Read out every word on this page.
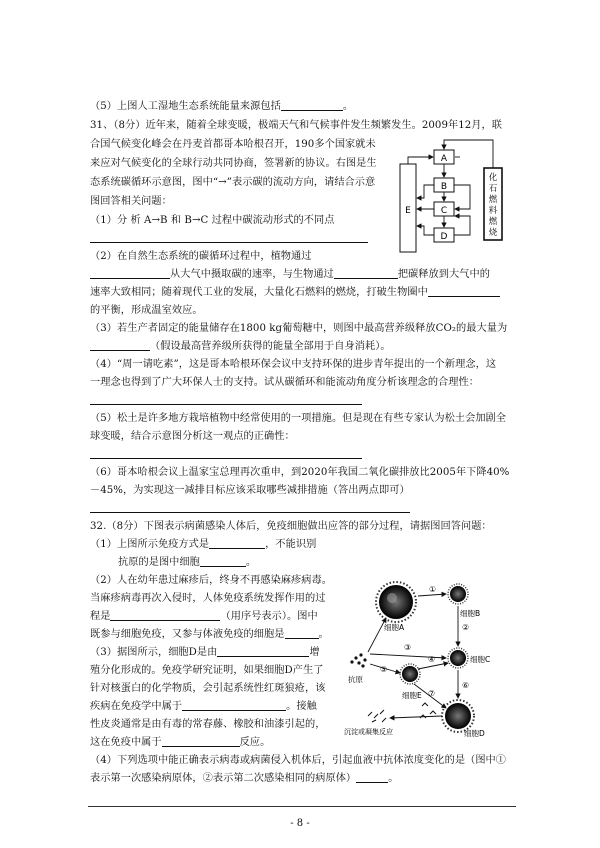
（5）上图人工湿地生态系统能量来源包括	。
31、（8分）近年来，随着全球变暖，极端天气和气候事件发生频繁发生。2009年12月，联
合国气候变化峰会在丹麦首都哥本哈根召开，190多个国家就未
来应对气候变化的全球行动共同协商，签署新的协议。右图是生
态系统碳循环示意图，图中“→”表示碳的流动方向，请结合示意
图回答相关问题：
（1）分 析 A→B 和 B→C 过程中碳流动形式的不同点
（2）在自然生态系统的碳循环过程中，植物通过
从大气中摄取碳的速率，与生物通过	把碳释放到大气中的
速率大致相同；随着现代工业的发展，大量化石燃料的燃烧，打破生物圈中
的平衡，形成温室效应。
（3）若生产者固定的能量储存在1800 kg葡萄糖中，则图中最高营养级释放CO₂的最大量为
（假设最高营养级所获得的能量全部用于自身消耗）。
（4）“周一请吃素”，这是哥本哈根环保会议中支持环保的进步青年提出的一个新理念，这
一理念也得到了广大环保人士的支持。试从碳循环和能流动角度分析该理念的合理性：
（5）松土是许多地方栽培植物中经常使用的一项措施。但是现在有些专家认为松土会加剧全
球变暖，结合示意图分析这一观点的正确性：
（6）哥本哈根会议上温家宝总理再次重申，到2020年我国二氧化碳排放比2005年下降40%
－45%，为实现这一减排目标应该采取哪些减排措施（答出两点即可）
32.（8分）下图表示病菌感染人体后，免疫细胞做出应答的部分过程，请据图回答问题：
（1）上图所示免疫方式是	，不能识别
抗原的是图中细胞	。
（2）人在幼年患过麻疹后，终身不再感染麻疹病毒。
当麻疹病毒再次入侵时，人体免疫系统发挥作用的过
程是	（用序号表示）。图中
既参与细胞免疫，又参与体液免疫的细胞是	。
（3）据图所示，细胞D是由	增
殖分化形成的。免疫学研究证明，如果细胞D产生了
针对核蛋白的化学物质，会引起系统性红斑狼疮，该
疾病在免疫学中属于	。接触
性皮炎通常是由有毒的常春藤、橡胶和油漆引起的，
这在免疫中属于	反应。
（4）下列选项中能正确表示病毒或病菌侵入机体后，引起血液中抗体浓度变化的是（图中①
表示第一次感染病原体，②表示第二次感染相同的病原体）	。
E
A
B
C
D
化
石
燃
料
燃
烧
细胞A
细胞B
细胞C
细胞E
细胞D
抗原
沉淀或凝集反应
①
②
③
④
⑤
⑥
⑦
- 8 -
